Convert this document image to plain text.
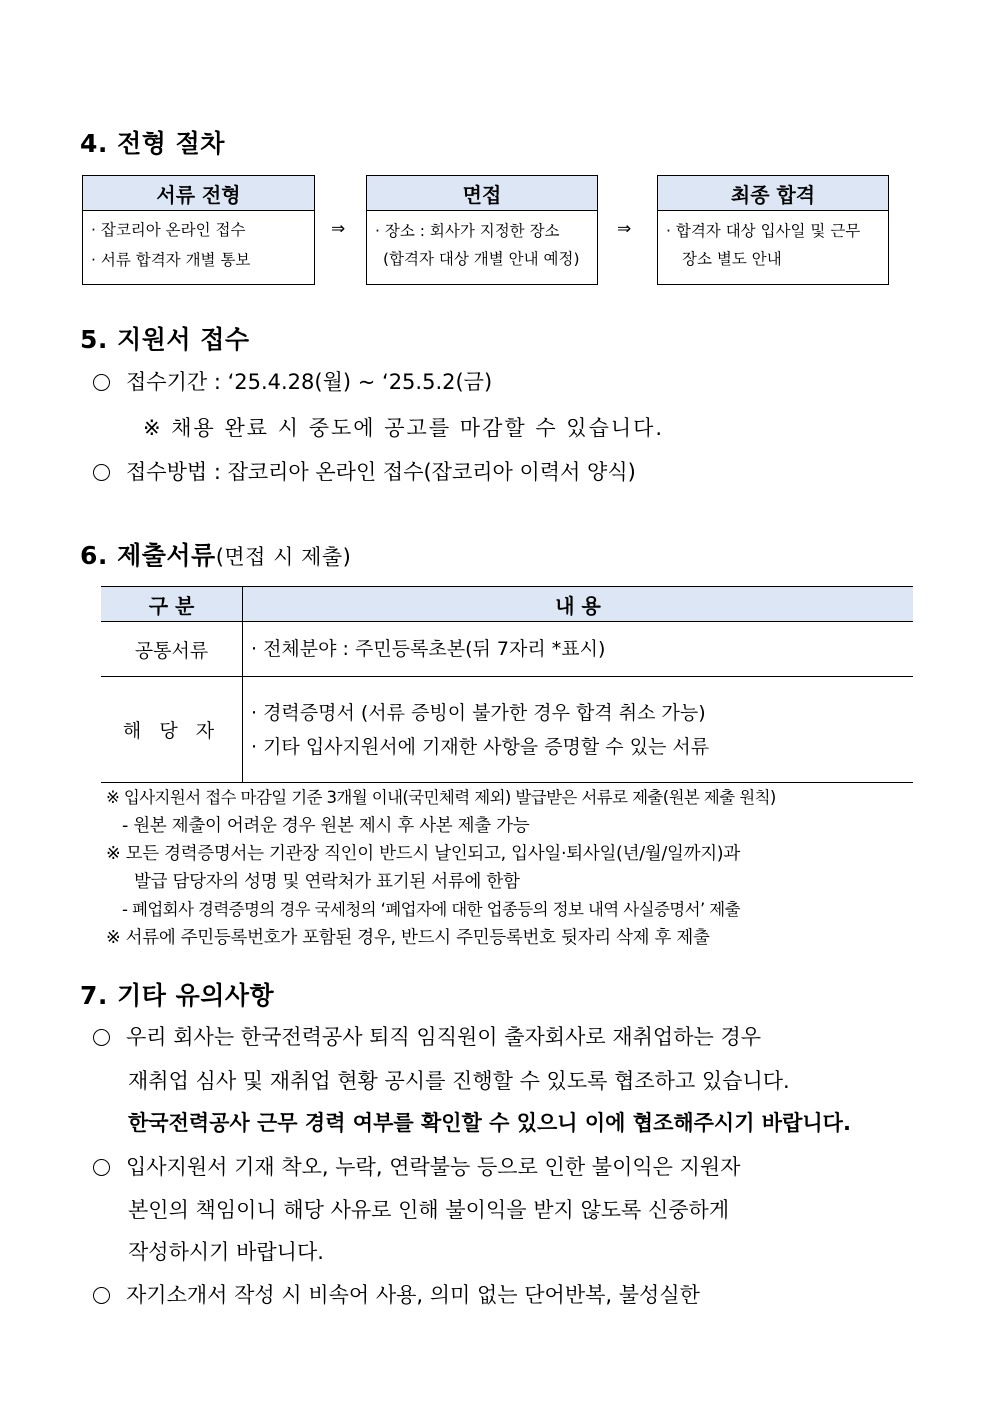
4. 전형 절차
서류 전형
· 잡코리아 온라인 접수
· 서류 합격자 개별 통보
⇒
면접
· 장소 : 회사가 지정한 장소
(합격자 대상 개별 안내 예정)
⇒
최종 합격
· 합격자 대상 입사일 및 근무
장소 별도 안내
5. 지원서 접수
접수기간 : ‘25.4.28(월) ~ ‘25.5.2(금)
※ 채용 완료 시 중도에 공고를 마감할 수 있습니다.
접수방법 : 잡코리아 온라인 접수(잡코리아 이력서 양식)
6. 제출서류(면접 시 제출)
구 분	내 용
공통서류	· 전체분야 : 주민등록초본(뒤 7자리 *표시)

해 당 자	· 경력증명서 (서류 증빙이 불가한 경우 합격 취소 가능)
· 기타 입사지원서에 기재한 사항을 증명할 수 있는 서류
※ 입사지원서 접수 마감일 기준 3개월 이내(국민체력 제외) 발급받은 서류로 제출(원본 제출 원칙)
- 원본 제출이 어려운 경우 원본 제시 후 사본 제출 가능
※ 모든 경력증명서는 기관장 직인이 반드시 날인되고, 입사일·퇴사일(년/월/일까지)과
발급 담당자의 성명 및 연락처가 표기된 서류에 한함
- 폐업회사 경력증명의 경우 국세청의 ‘폐업자에 대한 업종등의 정보 내역 사실증명서’ 제출
※ 서류에 주민등록번호가 포함된 경우, 반드시 주민등록번호 뒷자리 삭제 후 제출
7. 기타 유의사항
우리 회사는 한국전력공사 퇴직 임직원이 출자회사로 재취업하는 경우
재취업 심사 및 재취업 현황 공시를 진행할 수 있도록 협조하고 있습니다.
한국전력공사 근무 경력 여부를 확인할 수 있으니 이에 협조해주시기 바랍니다.
입사지원서 기재 착오, 누락, 연락불능 등으로 인한 불이익은 지원자
본인의 책임이니 해당 사유로 인해 불이익을 받지 않도록 신중하게
작성하시기 바랍니다.
자기소개서 작성 시 비속어 사용, 의미 없는 단어반복, 불성실한
